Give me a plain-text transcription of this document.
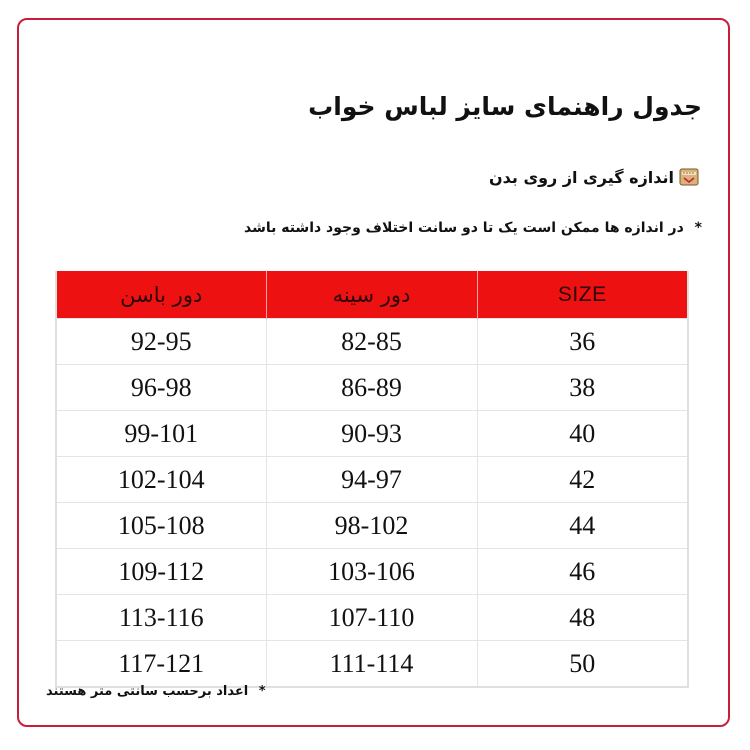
جدول راهنمای سایز لباس خواب
اندازه گیری از روی بدن
* در اندازه ها ممکن است یک تا دو سانت اختلاف وجود داشته باشد
دور باسن	دور سینه	SIZE
92-95	82-85	36
96-98	86-89	38
99-101	90-93	40
102-104	94-97	42
105-108	98-102	44
109-112	103-106	46
113-116	107-110	48
117-121	111-114	50
* اعداد برحسب سانتی متر هستند
